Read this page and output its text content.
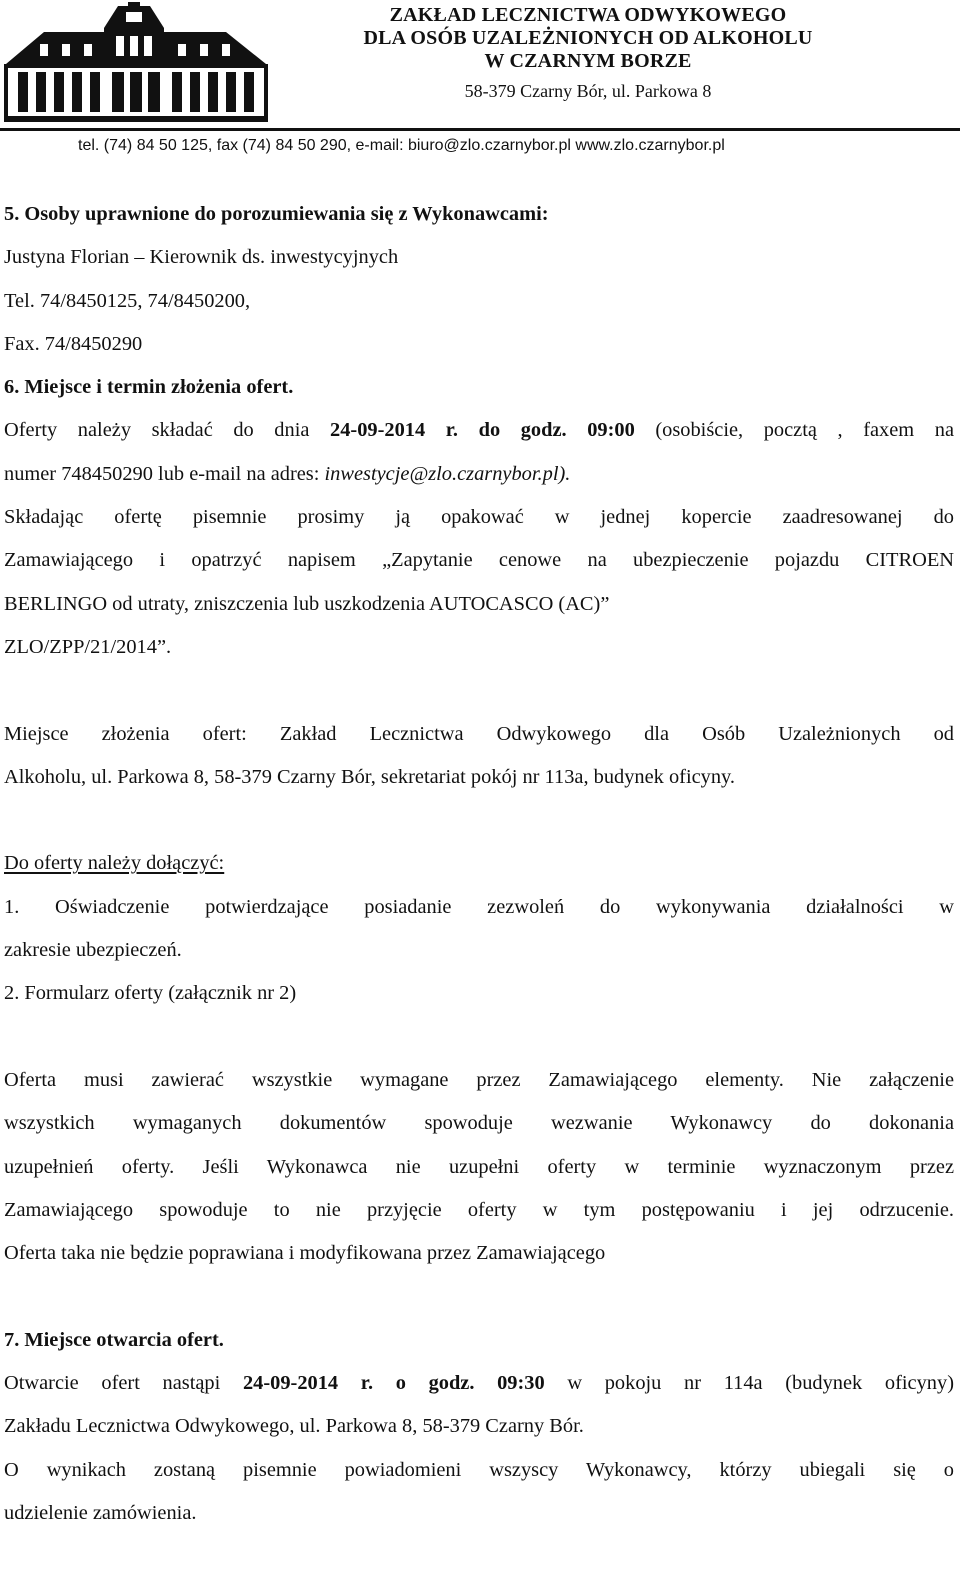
ZAKŁAD LECZNICTWA ODWYKOWEGO
DLA OSÓB UZALEŻNIONYCH OD ALKOHOLU
W CZARNYM BORZE
58-379 Czarny Bór, ul. Parkowa 8
tel. (74) 84 50 125, fax (74) 84 50 290, e-mail: biuro@zlo.czarnybor.pl www.zlo.czarnybor.pl
5. Osoby uprawnione do porozumiewania się z Wykonawcami:
Justyna Florian – Kierownik ds. inwestycyjnych
Tel. 74/8450125, 74/8450200,
Fax. 74/8450290
6. Miejsce i termin złożenia ofert.
Oferty należy składać do dnia 24-09-2014 r. do godz. 09:00 (osobiście, pocztą , faxem na
numer 748450290 lub e-mail na adres: inwestycje@zlo.czarnybor.pl).
Składając ofertę pisemnie prosimy ją opakować w jednej kopercie zaadresowanej do
Zamawiającego i opatrzyć napisem „Zapytanie cenowe na ubezpieczenie pojazdu CITROEN
BERLINGO od utraty, zniszczenia lub uszkodzenia AUTOCASCO (AC)”
ZLO/ZPP/21/2014”.
Miejsce złożenia ofert: Zakład Lecznictwa Odwykowego dla Osób Uzależnionych od
Alkoholu, ul. Parkowa 8, 58-379 Czarny Bór, sekretariat pokój nr 113a, budynek oficyny.
Do oferty należy dołączyć:
1. Oświadczenie potwierdzające posiadanie zezwoleń do wykonywania działalności w
zakresie ubezpieczeń.
2. Formularz oferty (załącznik nr 2)
Oferta musi zawierać wszystkie wymagane przez Zamawiającego elementy. Nie załączenie
wszystkich wymaganych dokumentów spowoduje wezwanie Wykonawcy do dokonania
uzupełnień oferty. Jeśli Wykonawca nie uzupełni oferty w terminie wyznaczonym przez
Zamawiającego spowoduje to nie przyjęcie oferty w tym postępowaniu i jej odrzucenie.
Oferta taka nie będzie poprawiana i modyfikowana przez Zamawiającego
7. Miejsce otwarcia ofert.
Otwarcie ofert nastąpi 24-09-2014 r. o godz. 09:30 w pokoju nr 114a (budynek oficyny)
Zakładu Lecznictwa Odwykowego, ul. Parkowa 8, 58-379 Czarny Bór.
O wynikach zostaną pisemnie powiadomieni wszyscy Wykonawcy, którzy ubiegali się o
udzielenie zamówienia.
